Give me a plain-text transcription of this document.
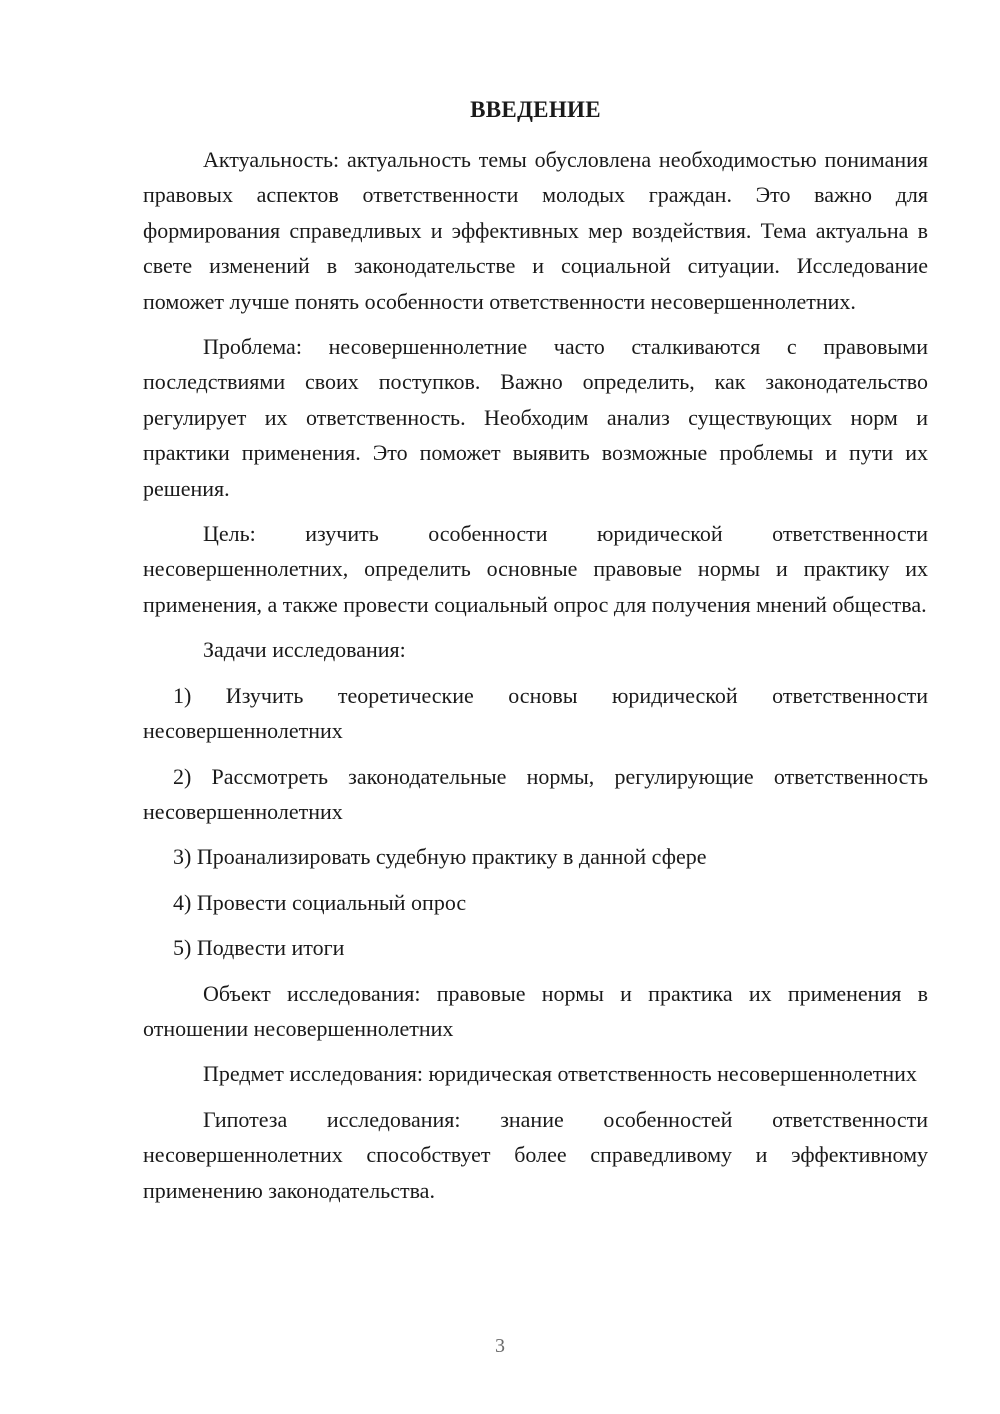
ВВЕДЕНИЕ

Актуальность: актуальность темы обусловлена необходимостью понимания правовых аспектов ответственности молодых граждан. Это важно для формирования справедливых и эффективных мер воздействия. Тема актуальна в свете изменений в законодательстве и социальной ситуации. Исследование поможет лучше понять особенности ответственности несовершеннолетних.

Проблема: несовершеннолетние часто сталкиваются с правовыми последствиями своих поступков. Важно определить, как законодательство регулирует их ответственность. Необходим анализ существующих норм и практики применения. Это поможет выявить возможные проблемы и пути их решения.

Цель: изучить особенности юридической ответственности несовершеннолетних, определить основные правовые нормы и практику их применения, а также провести социальный опрос для получения мнений общества.

Задачи исследования:

1) Изучить теоретические основы юридической ответственности несовершеннолетних

2) Рассмотреть законодательные нормы, регулирующие ответственность несовершеннолетних

3) Проанализировать судебную практику в данной сфере

4) Провести социальный опрос

5) Подвести итоги

Объект исследования: правовые нормы и практика их применения в отношении несовершеннолетних

Предмет исследования: юридическая ответственность несовершеннолетних

Гипотеза исследования: знание особенностей ответственности несовершеннолетних способствует более справедливому и эффективному применению законодательства.

3
